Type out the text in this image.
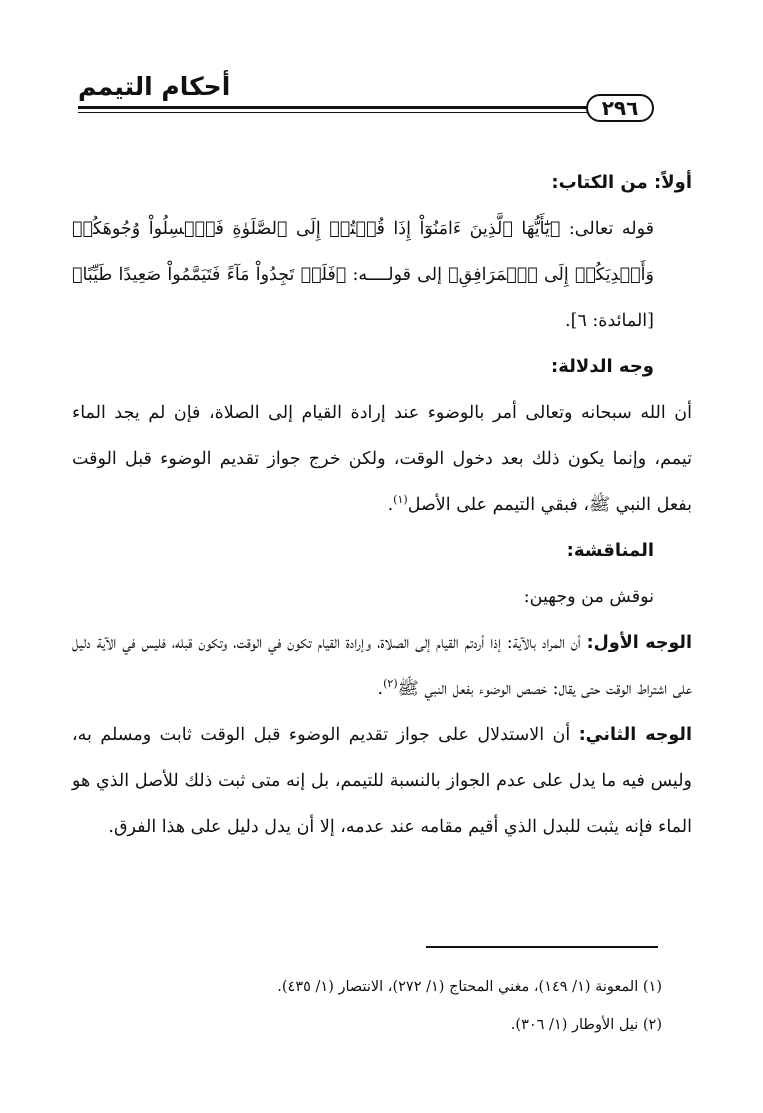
أحكام التيمم
٢٩٦

أولاً: من الكتاب:

قوله تعالى: ﴿يَٰٓأَيُّهَا ٱلَّذِينَ ءَامَنُوٓاْ إِذَا قُمۡتُمۡ إِلَى ٱلصَّلَوٰةِ فَٱغۡسِلُواْ وُجُوهَكُمۡ وَأَيۡدِيَكُمۡ إِلَى ٱلۡمَرَافِقِ﴾ إلى قولــــه: ﴿فَلَمۡ تَجِدُواْ مَآءً فَتَيَمَّمُواْ صَعِيدًا طَيِّبًا﴾ [المائدة: ٦].

وجه الدلالة:

أن الله سبحانه وتعالى أمر بالوضوء عند إرادة القيام إلى الصلاة، فإن لم يجد الماء تيمم، وإنما يكون ذلك بعد دخول الوقت، ولكن خرج جواز تقديم الوضوء قبل الوقت بفعل النبي ﷺ، فبقي التيمم على الأصل$^{(١)}$.

المناقشة:

نوقش من وجهين:

الوجه الأول: أن المراد بالآية: إذا أردتم القيام إلى الصلاة، وإرادة القيام تكون في الوقت، وتكون قبله، فليس في الآية دليل على اشتراط الوقت حتى يقال: خصص الوضوء بفعل النبي ﷺ$^{(٢)}$.

الوجه الثاني: أن الاستدلال على جواز تقديم الوضوء قبل الوقت ثابت ومسلم به، وليس فيه ما يدل على عدم الجواز بالنسبة للتيمم، بل إنه متى ثبت ذلك للأصل الذي هو الماء فإنه يثبت للبدل الذي أقيم مقامه عند عدمه، إلا أن يدل دليل على هذا الفرق.

(١) المعونة (١/ ١٤٩)، مغني المحتاج (١/ ٢٧٢)، الانتصار (١/ ٤٣٥).

(٢) نيل الأوطار (١/ ٣٠٦).
